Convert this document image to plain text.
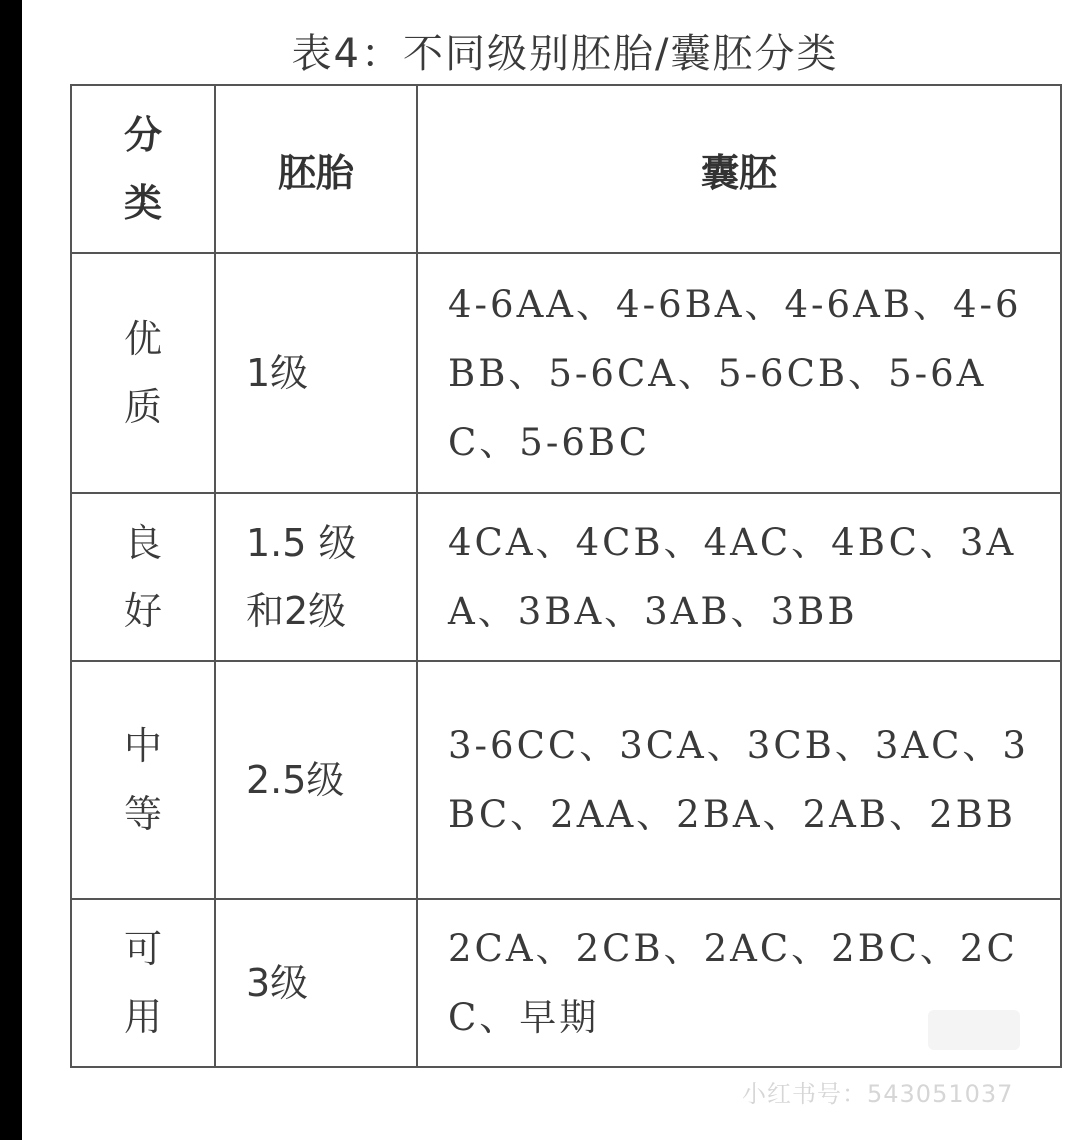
表4：不同级别胚胎/囊胚分类
分类	胚胎	囊胚
优质	1级	4-6AA、4-6BA、4-6AB、4-6BB、5-6CA、5-6CB、5-6AC、5-6BC
良好	1.5 级和2级	4CA、4CB、4AC、4BC、3AA、3BA、3AB、3BB
中等	2.5级	3-6CC、3CA、3CB、3AC、3BC、2AA、2BA、2AB、2BB
可用	3级	2CA、2CB、2AC、2BC、2CC、早期
小红书号：543051037
